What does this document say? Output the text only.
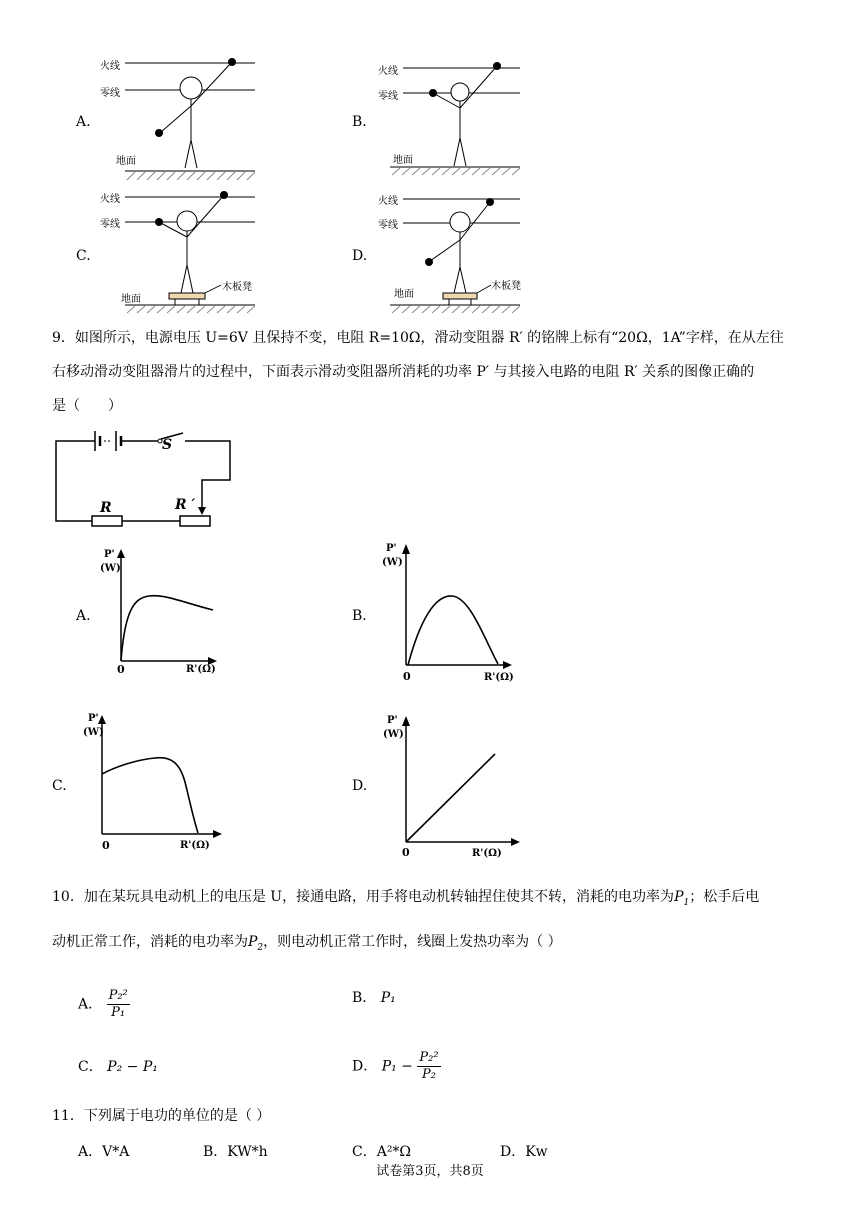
A.
火线
零线
地面
B.
火线
零线
地面
C.
火线
零线
地面
木板凳
D.
火线
零线
地面
木板凳
9．如图所示，电源电压 U=6V 且保持不变，电阻 R=10Ω，滑动变阻器 R′ 的铭牌上标有“20Ω，1A”字样，在从左往
右移动滑动变阻器滑片的过程中，下面表示滑动变阻器所消耗的功率 P′ 与其接入电路的电阻 R′ 关系的图像正确的
是（　　）
S
R	R ′
A.
P'
(W)
0	R'(Ω)
B.
P'
(W)
0	R'(Ω)
C.
P'
(W)
0	R'(Ω)
D.
P'
(W)
0	R'(Ω)
10．加在某玩具电动机上的电压是 U，接通电路，用手将电动机转轴捏住使其不转，消耗的电功率为$P_1$；松手后电
动机正常工作，消耗的电功率为$P_2$，则电动机正常工作时，线圈上发热功率为（ ）
A． $\frac{\text{P₂²}}{\text{P₁}}$	B． P₁
C． P₂ − P₁	D． $P_1 - \frac{\text{P₂²}}{\text{P₂}}$
11．下列属于电功的单位的是（ ）
A．V*A	B．KW*h	C．A²*Ω	D．Kw
试卷第3页，共8页
